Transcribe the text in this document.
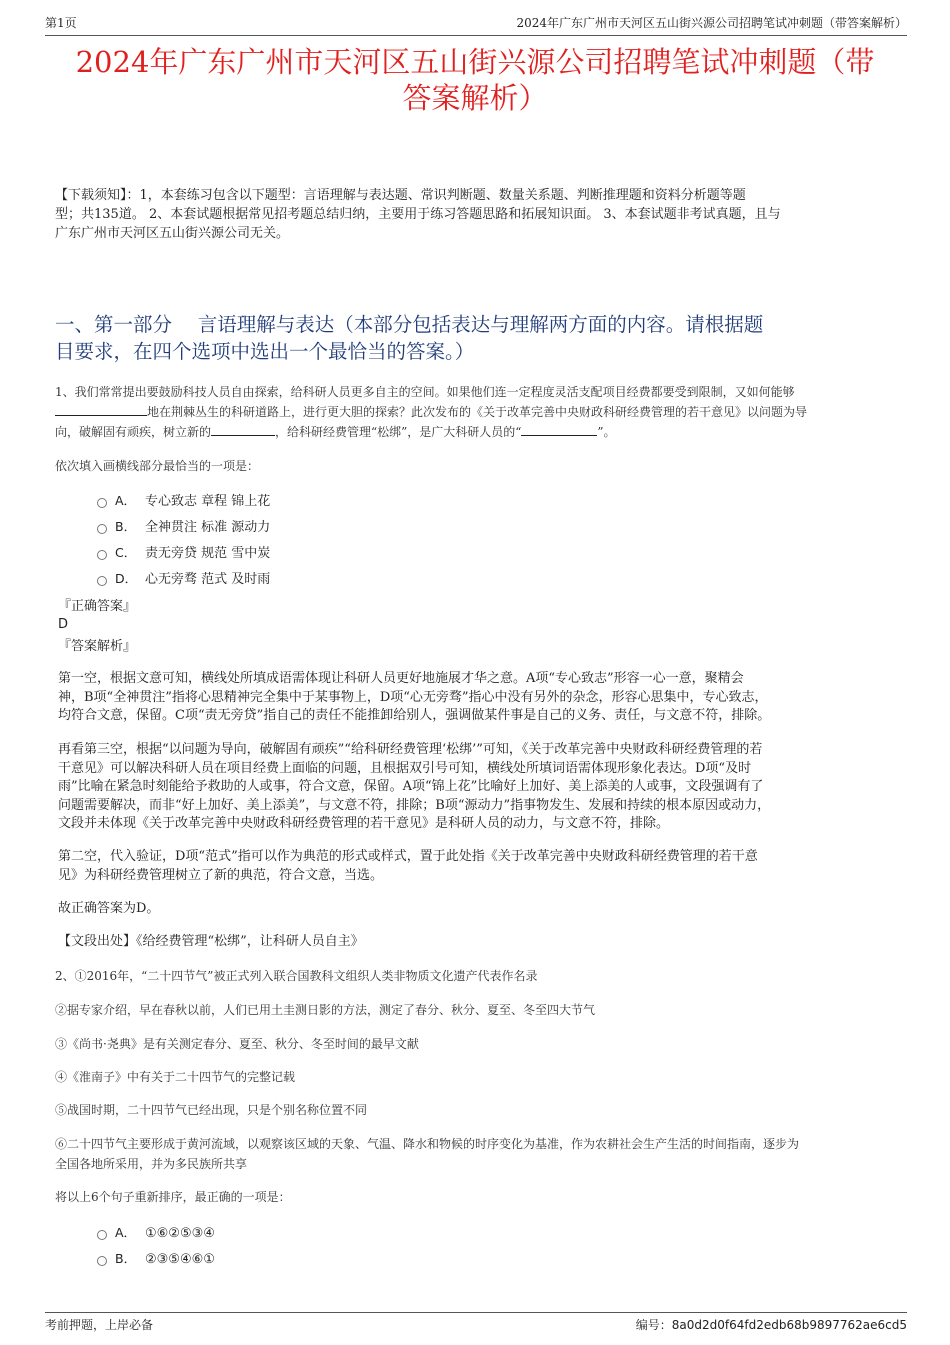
第1页	2024年广东广州市天河区五山街兴源公司招聘笔试冲刺题（带答案解析）
2024年广东广州市天河区五山街兴源公司招聘笔试冲刺题（带
答案解析）
【下载须知】：1，本套练习包含以下题型：言语理解与表达题、常识判断题、数量关系题、判断推理题和资料分析题等题
型；共135道。 2、本套试题根据常见招考题总结归纳，主要用于练习答题思路和拓展知识面。 3、本套试题非考试真题，且与
广东广州市天河区五山街兴源公司无关。
一、第一部分　 言语理解与表达（本部分包括表达与理解两方面的内容。请根据题
目要求，在四个选项中选出一个最恰当的答案。）
1、我们常常提出要鼓励科技人员自由探索，给科研人员更多自主的空间。如果他们连一定程度灵活支配项目经费都要受到限制，又如何能够
地在荆棘丛生的科研道路上，进行更大胆的探索？此次发布的《关于改革完善中央财政科研经费管理的若干意见》以问题为导
向，破解固有顽疾，树立新的	，给科研经费管理“松绑”，是广大科研人员的“	”。
依次填入画横线部分最恰当的一项是：
A． 专心致志 章程 锦上花
B． 全神贯注 标准 源动力
C． 责无旁贷 规范 雪中炭
D． 心无旁骛 范式 及时雨
『正确答案』
D
『答案解析』
第一空，根据文意可知，横线处所填成语需体现让科研人员更好地施展才华之意。A项“专心致志”形容一心一意，聚精会
神，B项“全神贯注”指将心思精神完全集中于某事物上，D项“心无旁骛”指心中没有另外的杂念，形容心思集中，专心致志，
均符合文意，保留。C项“责无旁贷”指自己的责任不能推卸给别人，强调做某件事是自己的义务、责任，与文意不符，排除。
再看第三空，根据“以问题为导向，破解固有顽疾”“给科研经费管理‘松绑’”可知，《关于改革完善中央财政科研经费管理的若
干意见》可以解决科研人员在项目经费上面临的问题，且根据双引号可知，横线处所填词语需体现形象化表达。D项“及时
雨”比喻在紧急时刻能给予救助的人或事，符合文意，保留。A项“锦上花”比喻好上加好、美上添美的人或事，文段强调有了
问题需要解决，而非“好上加好、美上添美”，与文意不符，排除；B项“源动力”指事物发生、发展和持续的根本原因或动力，
文段并未体现《关于改革完善中央财政科研经费管理的若干意见》是科研人员的动力，与文意不符，排除。
第二空，代入验证，D项“范式”指可以作为典范的形式或样式，置于此处指《关于改革完善中央财政科研经费管理的若干意
见》为科研经费管理树立了新的典范，符合文意，当选。
故正确答案为D。
【文段出处】《给经费管理“松绑”，让科研人员自主》
2、①2016年，“二十四节气”被正式列入联合国教科文组织人类非物质文化遗产代表作名录
②据专家介绍，早在春秋以前，人们已用土圭测日影的方法，测定了春分、秋分、夏至、冬至四大节气
③《尚书·尧典》是有关测定春分、夏至、秋分、冬至时间的最早文献
④《淮南子》中有关于二十四节气的完整记载
⑤战国时期，二十四节气已经出现，只是个别名称位置不同
⑥二十四节气主要形成于黄河流域，以观察该区域的天象、气温、降水和物候的时序变化为基准，作为农耕社会生产生活的时间指南，逐步为
全国各地所采用，并为多民族所共享
将以上6个句子重新排序，最正确的一项是：
A． ①⑥②⑤③④
B． ②③⑤④⑥①
考前押题，上岸必备	编号：8a0d2d0f64fd2edb68b9897762ae6cd5
